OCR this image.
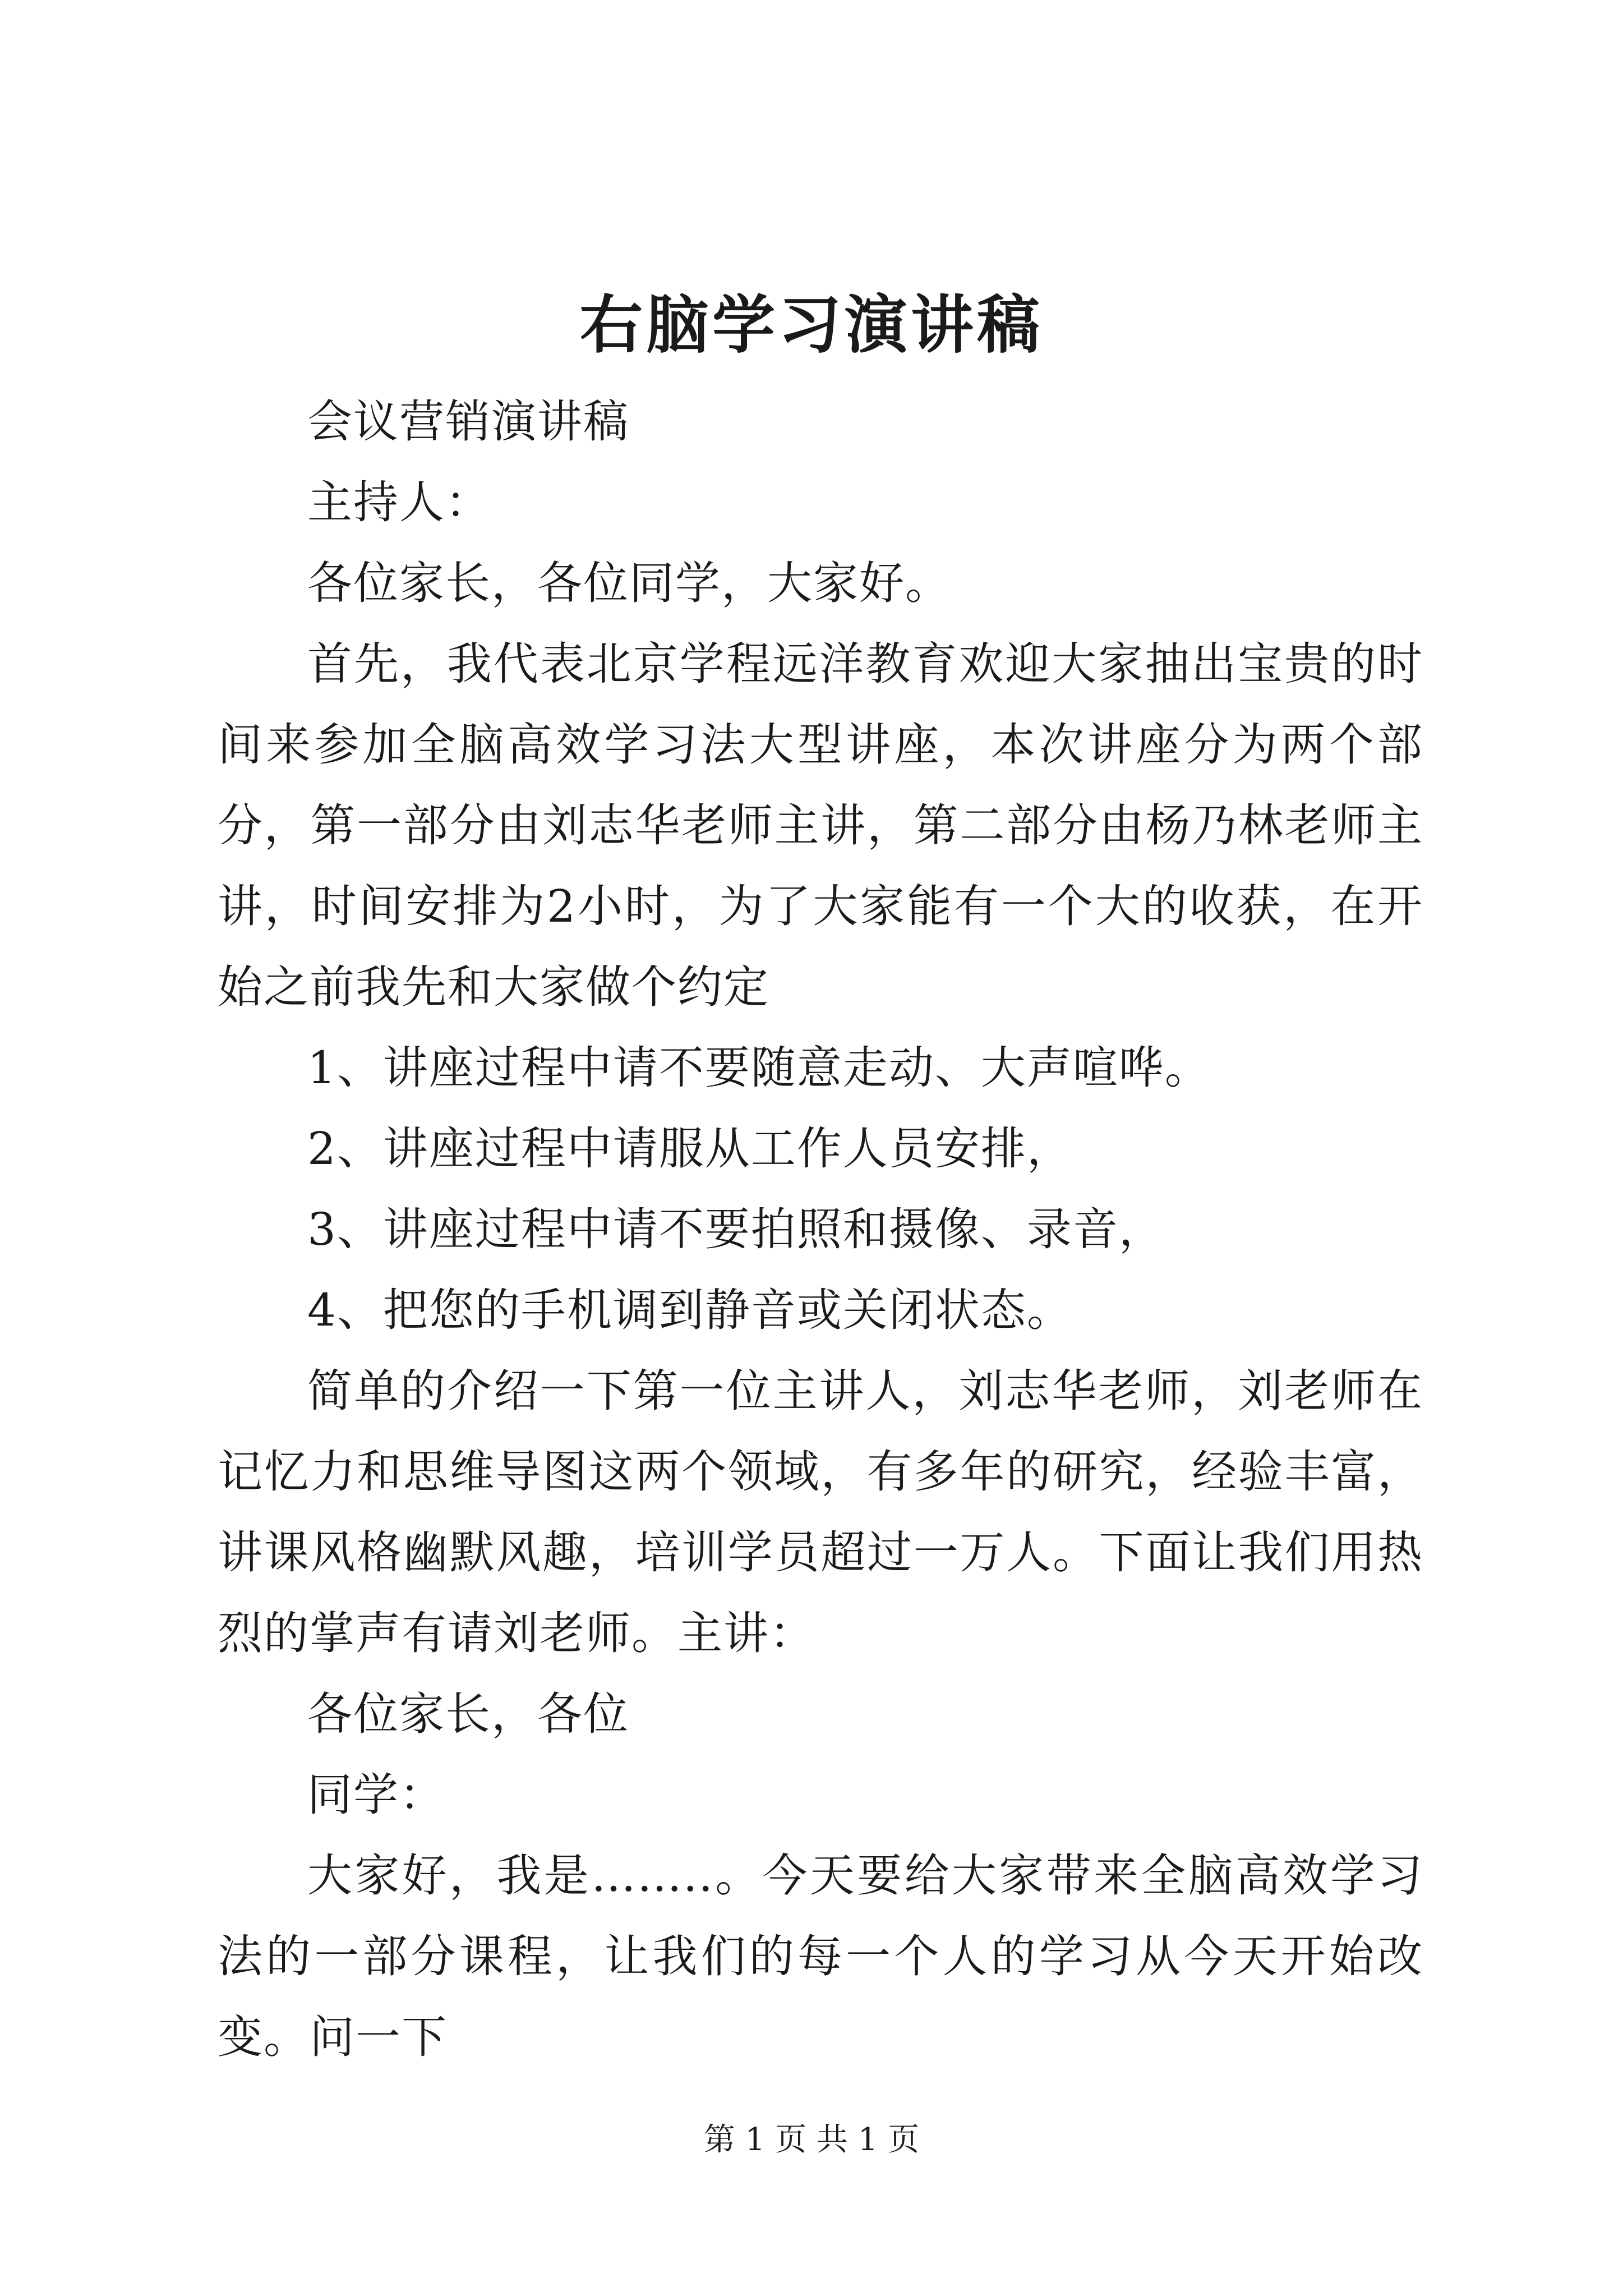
右脑学习演讲稿

会议营销演讲稿

主持人：

各位家长，各位同学，大家好。

首先，我代表北京学程远洋教育欢迎大家抽出宝贵的时间来参加全脑高效学习法大型讲座，本次讲座分为两个部分，第一部分由刘志华老师主讲，第二部分由杨乃林老师主讲，时间安排为2小时，为了大家能有一个大的收获，在开始之前我先和大家做个约定

1、讲座过程中请不要随意走动、大声喧哗。

2、讲座过程中请服从工作人员安排，

3、讲座过程中请不要拍照和摄像、录音，

4、把您的手机调到静音或关闭状态。

简单的介绍一下第一位主讲人，刘志华老师，刘老师在记忆力和思维导图这两个领域，有多年的研究，经验丰富，讲课风格幽默风趣，培训学员超过一万人。下面让我们用热烈的掌声有请刘老师。主讲：

各位家长，各位

同学：

大家好，我是……..。今天要给大家带来全脑高效学习法的一部分课程，让我们的每一个人的学习从今天开始改变。问一下

第 1 页 共 1 页
